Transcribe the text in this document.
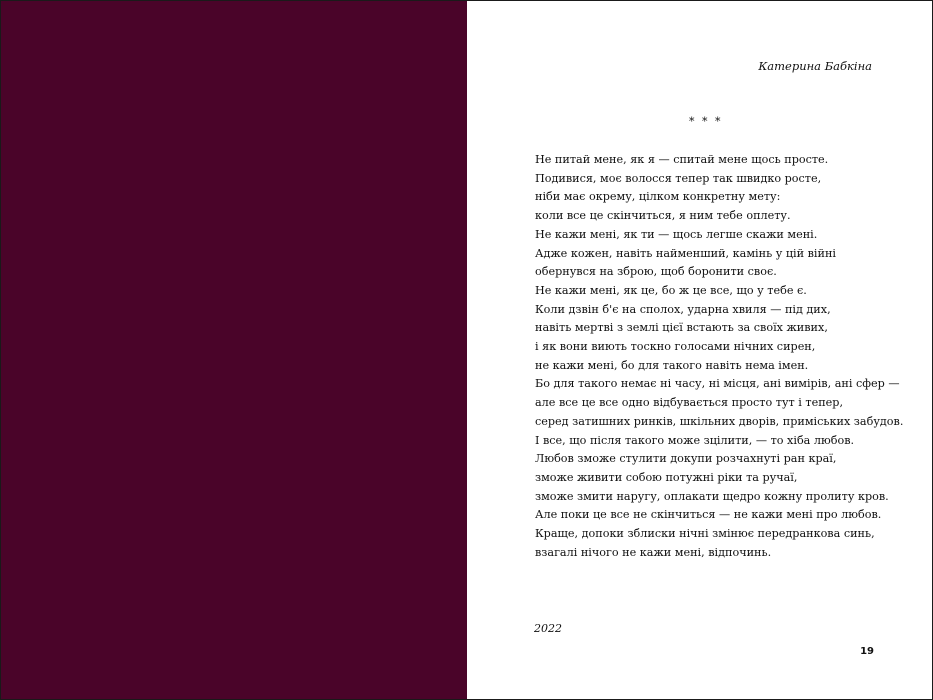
Катерина Бабкіна
* * *
Не питай мене, як я — спитай мене щось просте.
Подивися, моє волосся тепер так швидко росте,
ніби має окрему, цілком конкретну мету:
коли все це скінчиться, я ним тебе оплету.
Не кажи мені, як ти — щось легше скажи мені.
Адже кожен, навіть найменший, камінь у цій війні
обернувся на зброю, щоб боронити своє.
Не кажи мені, як це, бо ж це все, що у тебе є.
Коли дзвін б'є на сполох, ударна хвиля — під дих,
навіть мертві з землі цієї встають за своїх живих,
і як вони виють тоскно голосами нічних сирен,
не кажи мені, бо для такого навіть нема імен.
Бо для такого немає ні часу, ні місця, ані вимірів, ані сфер —
але все це все одно відбувається просто тут і тепер,
серед затишних ринків, шкільних дворів, приміських забудов.
І все, що після такого може зцілити, — то хіба любов.
Любов зможе стулити докупи розчахнуті ран краї,
зможе живити собою потужні ріки та ручаї,
зможе змити наругу, оплакати щедро кожну пролиту кров.
Але поки це все не скінчиться — не кажи мені про любов.
Краще, допоки зблиски нічні змінює передранкова синь,
взагалі нічого не кажи мені, відпочинь.
2022
19
